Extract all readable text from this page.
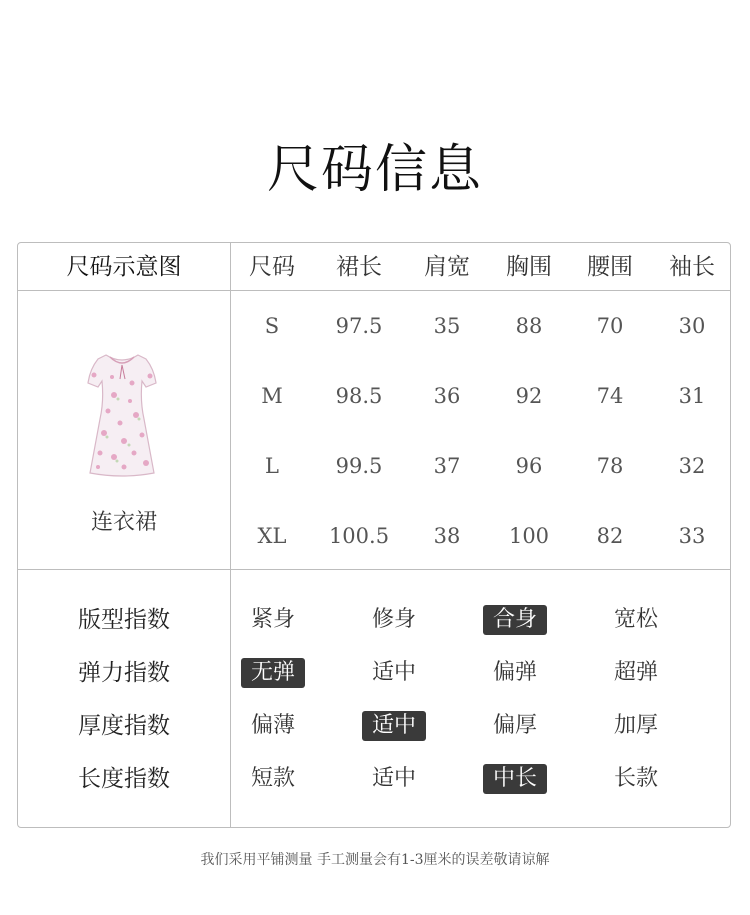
尺码信息
尺码示意图	尺码	裙长	肩宽	胸围	腰围	袖长
连衣裙
S	97.5	35	88	70	30
M	98.5	36	92	74	31
L	99.5	37	96	78	32
XL	100.5	38	100	82	33
版型指数	紧身	修身	合身	宽松
弹力指数	无弹	适中	偏弹	超弹
厚度指数	偏薄	适中	偏厚	加厚
长度指数	短款	适中	中长	长款
我们采用平铺测量 手工测量会有1-3厘米的误差敬请谅解
